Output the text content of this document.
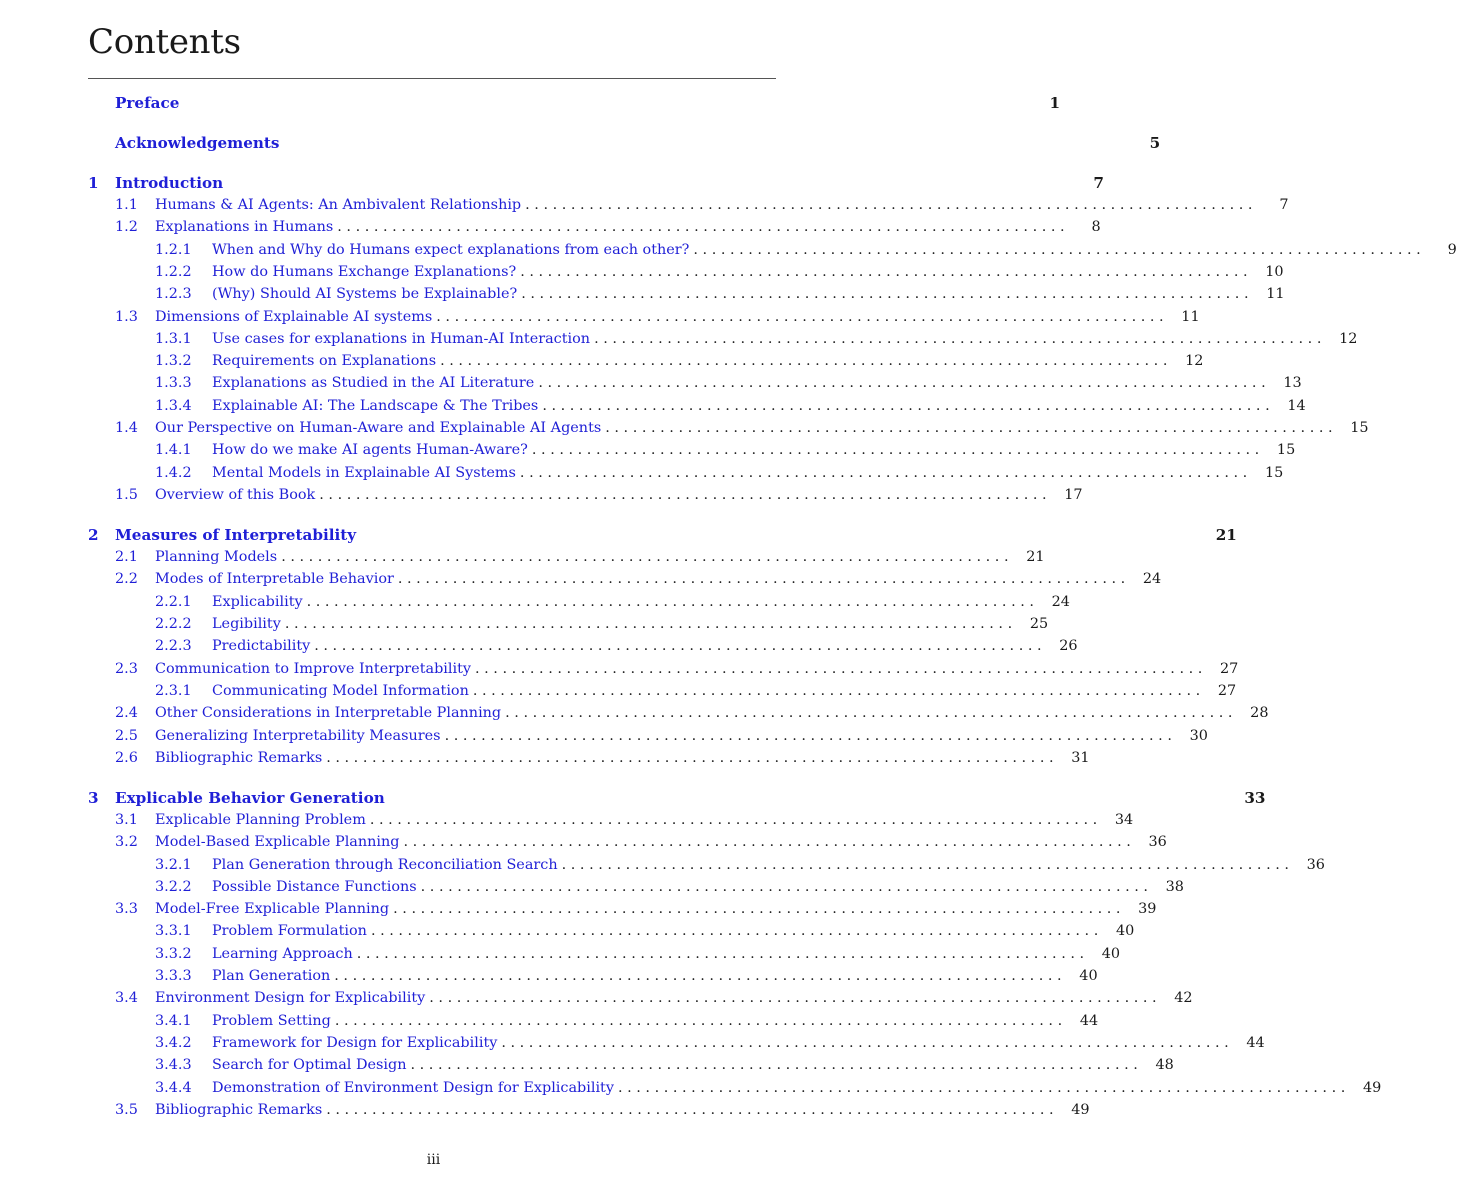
Contents
Preface	1
Acknowledgements	5
1	Introduction	7
1.1	Humans & AI Agents: An Ambivalent Relationship . . . . . . . . . . . . . . . . . . . . . . . . . . . . . . . . . . . . . . . . . . . . . . . . . . . . . . . . . . . . . . . . . . . . . . . . . . . . . . . .	7
1.2	Explanations in Humans . . . . . . . . . . . . . . . . . . . . . . . . . . . . . . . . . . . . . . . . . . . . . . . . . . . . . . . . . . . . . . . . . . . . . . . . . . . . . . . .	8
1.2.1	When and Why do Humans expect explanations from each other? . . . . . . . . . . . . . . . . . . . . . . . . . . . . . . . . . . . . . . . . . . . . . . . . . . . . . . . . . . . . . . . . . . . . . . . . . . . . . . . .	9
1.2.2	How do Humans Exchange Explanations? . . . . . . . . . . . . . . . . . . . . . . . . . . . . . . . . . . . . . . . . . . . . . . . . . . . . . . . . . . . . . . . . . . . . . . . . . . . . . . . .	10
1.2.3	(Why) Should AI Systems be Explainable? . . . . . . . . . . . . . . . . . . . . . . . . . . . . . . . . . . . . . . . . . . . . . . . . . . . . . . . . . . . . . . . . . . . . . . . . . . . . . . . .	11
1.3	Dimensions of Explainable AI systems . . . . . . . . . . . . . . . . . . . . . . . . . . . . . . . . . . . . . . . . . . . . . . . . . . . . . . . . . . . . . . . . . . . . . . . . . . . . . . . .	11
1.3.1	Use cases for explanations in Human-AI Interaction . . . . . . . . . . . . . . . . . . . . . . . . . . . . . . . . . . . . . . . . . . . . . . . . . . . . . . . . . . . . . . . . . . . . . . . . . . . . . . . .	12
1.3.2	Requirements on Explanations . . . . . . . . . . . . . . . . . . . . . . . . . . . . . . . . . . . . . . . . . . . . . . . . . . . . . . . . . . . . . . . . . . . . . . . . . . . . . . . .	12
1.3.3	Explanations as Studied in the AI Literature . . . . . . . . . . . . . . . . . . . . . . . . . . . . . . . . . . . . . . . . . . . . . . . . . . . . . . . . . . . . . . . . . . . . . . . . . . . . . . . .	13
1.3.4	Explainable AI: The Landscape & The Tribes . . . . . . . . . . . . . . . . . . . . . . . . . . . . . . . . . . . . . . . . . . . . . . . . . . . . . . . . . . . . . . . . . . . . . . . . . . . . . . . .	14
1.4	Our Perspective on Human-Aware and Explainable AI Agents . . . . . . . . . . . . . . . . . . . . . . . . . . . . . . . . . . . . . . . . . . . . . . . . . . . . . . . . . . . . . . . . . . . . . . . . . . . . . . . .	15
1.4.1	How do we make AI agents Human-Aware? . . . . . . . . . . . . . . . . . . . . . . . . . . . . . . . . . . . . . . . . . . . . . . . . . . . . . . . . . . . . . . . . . . . . . . . . . . . . . . . .	15
1.4.2	Mental Models in Explainable AI Systems . . . . . . . . . . . . . . . . . . . . . . . . . . . . . . . . . . . . . . . . . . . . . . . . . . . . . . . . . . . . . . . . . . . . . . . . . . . . . . . .	15
1.5	Overview of this Book . . . . . . . . . . . . . . . . . . . . . . . . . . . . . . . . . . . . . . . . . . . . . . . . . . . . . . . . . . . . . . . . . . . . . . . . . . . . . . . .	17
2	Measures of Interpretability	21
2.1	Planning Models . . . . . . . . . . . . . . . . . . . . . . . . . . . . . . . . . . . . . . . . . . . . . . . . . . . . . . . . . . . . . . . . . . . . . . . . . . . . . . . .	21
2.2	Modes of Interpretable Behavior . . . . . . . . . . . . . . . . . . . . . . . . . . . . . . . . . . . . . . . . . . . . . . . . . . . . . . . . . . . . . . . . . . . . . . . . . . . . . . . .	24
2.2.1	Explicability . . . . . . . . . . . . . . . . . . . . . . . . . . . . . . . . . . . . . . . . . . . . . . . . . . . . . . . . . . . . . . . . . . . . . . . . . . . . . . . .	24
2.2.2	Legibility . . . . . . . . . . . . . . . . . . . . . . . . . . . . . . . . . . . . . . . . . . . . . . . . . . . . . . . . . . . . . . . . . . . . . . . . . . . . . . . .	25
2.2.3	Predictability . . . . . . . . . . . . . . . . . . . . . . . . . . . . . . . . . . . . . . . . . . . . . . . . . . . . . . . . . . . . . . . . . . . . . . . . . . . . . . . .	26
2.3	Communication to Improve Interpretability . . . . . . . . . . . . . . . . . . . . . . . . . . . . . . . . . . . . . . . . . . . . . . . . . . . . . . . . . . . . . . . . . . . . . . . . . . . . . . . .	27
2.3.1	Communicating Model Information . . . . . . . . . . . . . . . . . . . . . . . . . . . . . . . . . . . . . . . . . . . . . . . . . . . . . . . . . . . . . . . . . . . . . . . . . . . . . . . .	27
2.4	Other Considerations in Interpretable Planning . . . . . . . . . . . . . . . . . . . . . . . . . . . . . . . . . . . . . . . . . . . . . . . . . . . . . . . . . . . . . . . . . . . . . . . . . . . . . . . .	28
2.5	Generalizing Interpretability Measures . . . . . . . . . . . . . . . . . . . . . . . . . . . . . . . . . . . . . . . . . . . . . . . . . . . . . . . . . . . . . . . . . . . . . . . . . . . . . . . .	30
2.6	Bibliographic Remarks . . . . . . . . . . . . . . . . . . . . . . . . . . . . . . . . . . . . . . . . . . . . . . . . . . . . . . . . . . . . . . . . . . . . . . . . . . . . . . . .	31
3	Explicable Behavior Generation	33
3.1	Explicable Planning Problem . . . . . . . . . . . . . . . . . . . . . . . . . . . . . . . . . . . . . . . . . . . . . . . . . . . . . . . . . . . . . . . . . . . . . . . . . . . . . . . .	34
3.2	Model-Based Explicable Planning . . . . . . . . . . . . . . . . . . . . . . . . . . . . . . . . . . . . . . . . . . . . . . . . . . . . . . . . . . . . . . . . . . . . . . . . . . . . . . . .	36
3.2.1	Plan Generation through Reconciliation Search . . . . . . . . . . . . . . . . . . . . . . . . . . . . . . . . . . . . . . . . . . . . . . . . . . . . . . . . . . . . . . . . . . . . . . . . . . . . . . . .	36
3.2.2	Possible Distance Functions . . . . . . . . . . . . . . . . . . . . . . . . . . . . . . . . . . . . . . . . . . . . . . . . . . . . . . . . . . . . . . . . . . . . . . . . . . . . . . . .	38
3.3	Model-Free Explicable Planning . . . . . . . . . . . . . . . . . . . . . . . . . . . . . . . . . . . . . . . . . . . . . . . . . . . . . . . . . . . . . . . . . . . . . . . . . . . . . . . .	39
3.3.1	Problem Formulation . . . . . . . . . . . . . . . . . . . . . . . . . . . . . . . . . . . . . . . . . . . . . . . . . . . . . . . . . . . . . . . . . . . . . . . . . . . . . . . .	40
3.3.2	Learning Approach . . . . . . . . . . . . . . . . . . . . . . . . . . . . . . . . . . . . . . . . . . . . . . . . . . . . . . . . . . . . . . . . . . . . . . . . . . . . . . . .	40
3.3.3	Plan Generation . . . . . . . . . . . . . . . . . . . . . . . . . . . . . . . . . . . . . . . . . . . . . . . . . . . . . . . . . . . . . . . . . . . . . . . . . . . . . . . .	40
3.4	Environment Design for Explicability . . . . . . . . . . . . . . . . . . . . . . . . . . . . . . . . . . . . . . . . . . . . . . . . . . . . . . . . . . . . . . . . . . . . . . . . . . . . . . . .	42
3.4.1	Problem Setting . . . . . . . . . . . . . . . . . . . . . . . . . . . . . . . . . . . . . . . . . . . . . . . . . . . . . . . . . . . . . . . . . . . . . . . . . . . . . . . .	44
3.4.2	Framework for Design for Explicability . . . . . . . . . . . . . . . . . . . . . . . . . . . . . . . . . . . . . . . . . . . . . . . . . . . . . . . . . . . . . . . . . . . . . . . . . . . . . . . .	44
3.4.3	Search for Optimal Design . . . . . . . . . . . . . . . . . . . . . . . . . . . . . . . . . . . . . . . . . . . . . . . . . . . . . . . . . . . . . . . . . . . . . . . . . . . . . . . .	48
3.4.4	Demonstration of Environment Design for Explicability . . . . . . . . . . . . . . . . . . . . . . . . . . . . . . . . . . . . . . . . . . . . . . . . . . . . . . . . . . . . . . . . . . . . . . . . . . . . . . . .	49
3.5	Bibliographic Remarks . . . . . . . . . . . . . . . . . . . . . . . . . . . . . . . . . . . . . . . . . . . . . . . . . . . . . . . . . . . . . . . . . . . . . . . . . . . . . . . .	49
iii
